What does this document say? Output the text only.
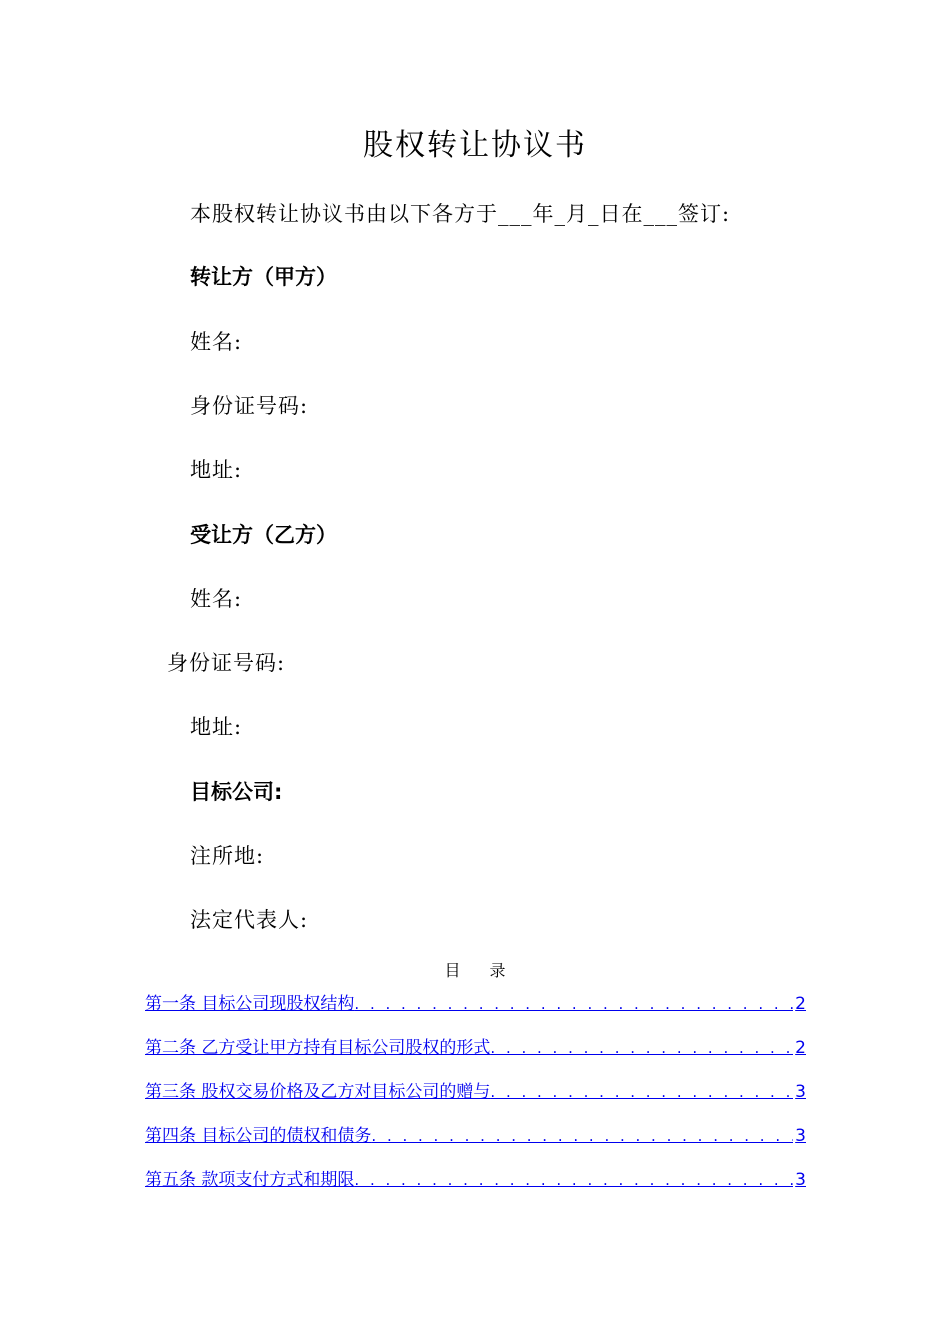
股权转让协议书
本股权转让协议书由以下各方于___年_月_日在___签订:
转让方（甲方）
姓名:
身份证号码:
地址:
受让方（乙方）
姓名:
身份证号码:
地址:
目标公司:
注所地:
法定代表人:
目 录
第一条 目标公司现股权结构 . . .	2
第二条 乙方受让甲方持有目标公司股权的形式 . . .	2
第三条 股权交易价格及乙方对目标公司的赠与 . . .	3
第四条 目标公司的债权和债务 . . .	3
第五条 款项支付方式和期限 . . .	3
